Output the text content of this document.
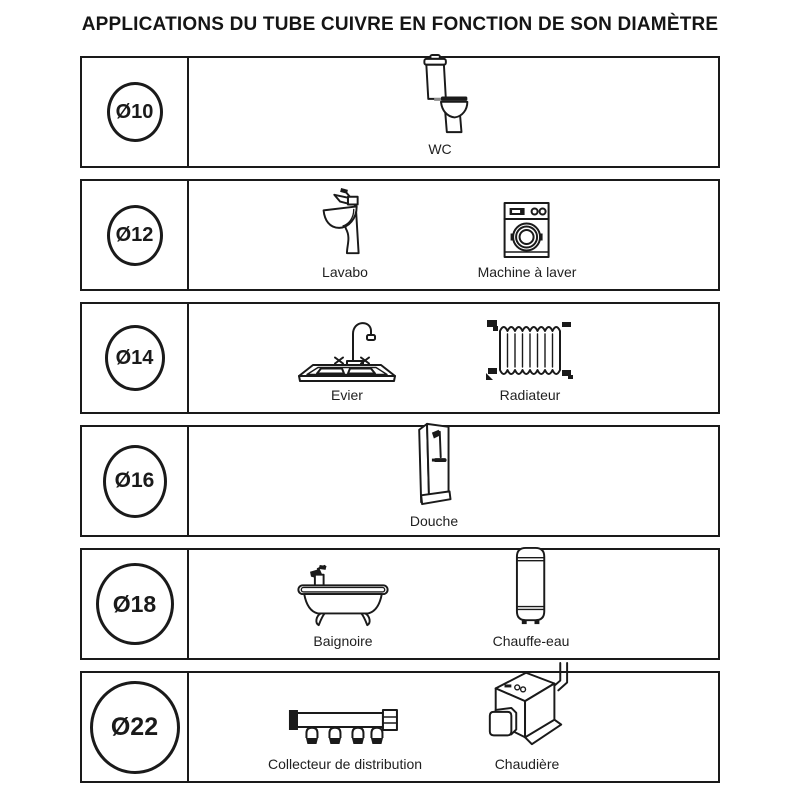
APPLICATIONS DU TUBE CUIVRE EN FONCTION DE SON DIAMÈTRE
Ø10
WC
Ø12
Lavabo	Machine à laver
Ø14
Evier	Radiateur
Ø16
Douche
Ø18
Baignoire	Chauffe-eau
Ø22
Collecteur de distribution	Chaudière
